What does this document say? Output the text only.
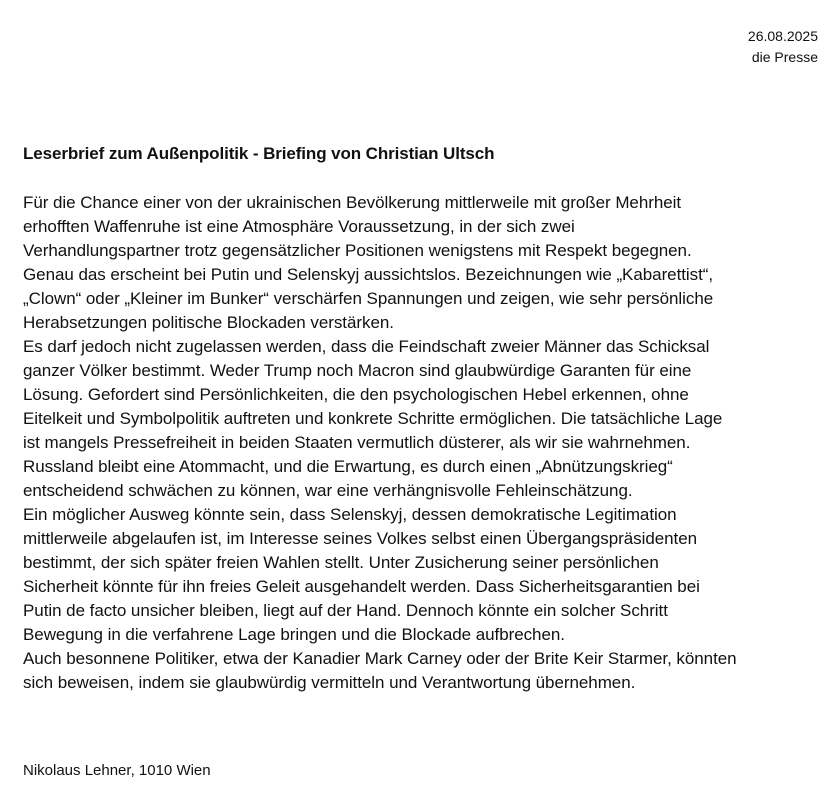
26.08.2025
die Presse
Leserbrief zum Außenpolitik - Briefing von Christian Ultsch
Für die Chance einer von der ukrainischen Bevölkerung mittlerweile mit großer Mehrheit
erhofften Waffenruhe ist eine Atmosphäre Voraussetzung, in der sich zwei
Verhandlungspartner trotz gegensätzlicher Positionen wenigstens mit Respekt begegnen.
Genau das erscheint bei Putin und Selenskyj aussichtslos. Bezeichnungen wie „Kabarettist“,
„Clown“ oder „Kleiner im Bunker“ verschärfen Spannungen und zeigen, wie sehr persönliche
Herabsetzungen politische Blockaden verstärken.
Es darf jedoch nicht zugelassen werden, dass die Feindschaft zweier Männer das Schicksal
ganzer Völker bestimmt. Weder Trump noch Macron sind glaubwürdige Garanten für eine
Lösung. Gefordert sind Persönlichkeiten, die den psychologischen Hebel erkennen, ohne
Eitelkeit und Symbolpolitik auftreten und konkrete Schritte ermöglichen. Die tatsächliche Lage
ist mangels Pressefreiheit in beiden Staaten vermutlich düsterer, als wir sie wahrnehmen.
Russland bleibt eine Atommacht, und die Erwartung, es durch einen „Abnützungskrieg“
entscheidend schwächen zu können, war eine verhängnisvolle Fehleinschätzung.
Ein möglicher Ausweg könnte sein, dass Selenskyj, dessen demokratische Legitimation
mittlerweile abgelaufen ist, im Interesse seines Volkes selbst einen Übergangspräsidenten
bestimmt, der sich später freien Wahlen stellt. Unter Zusicherung seiner persönlichen
Sicherheit könnte für ihn freies Geleit ausgehandelt werden. Dass Sicherheitsgarantien bei
Putin de facto unsicher bleiben, liegt auf der Hand. Dennoch könnte ein solcher Schritt
Bewegung in die verfahrene Lage bringen und die Blockade aufbrechen.
Auch besonnene Politiker, etwa der Kanadier Mark Carney oder der Brite Keir Starmer, könnten
sich beweisen, indem sie glaubwürdig vermitteln und Verantwortung übernehmen.
Nikolaus Lehner, 1010 Wien
